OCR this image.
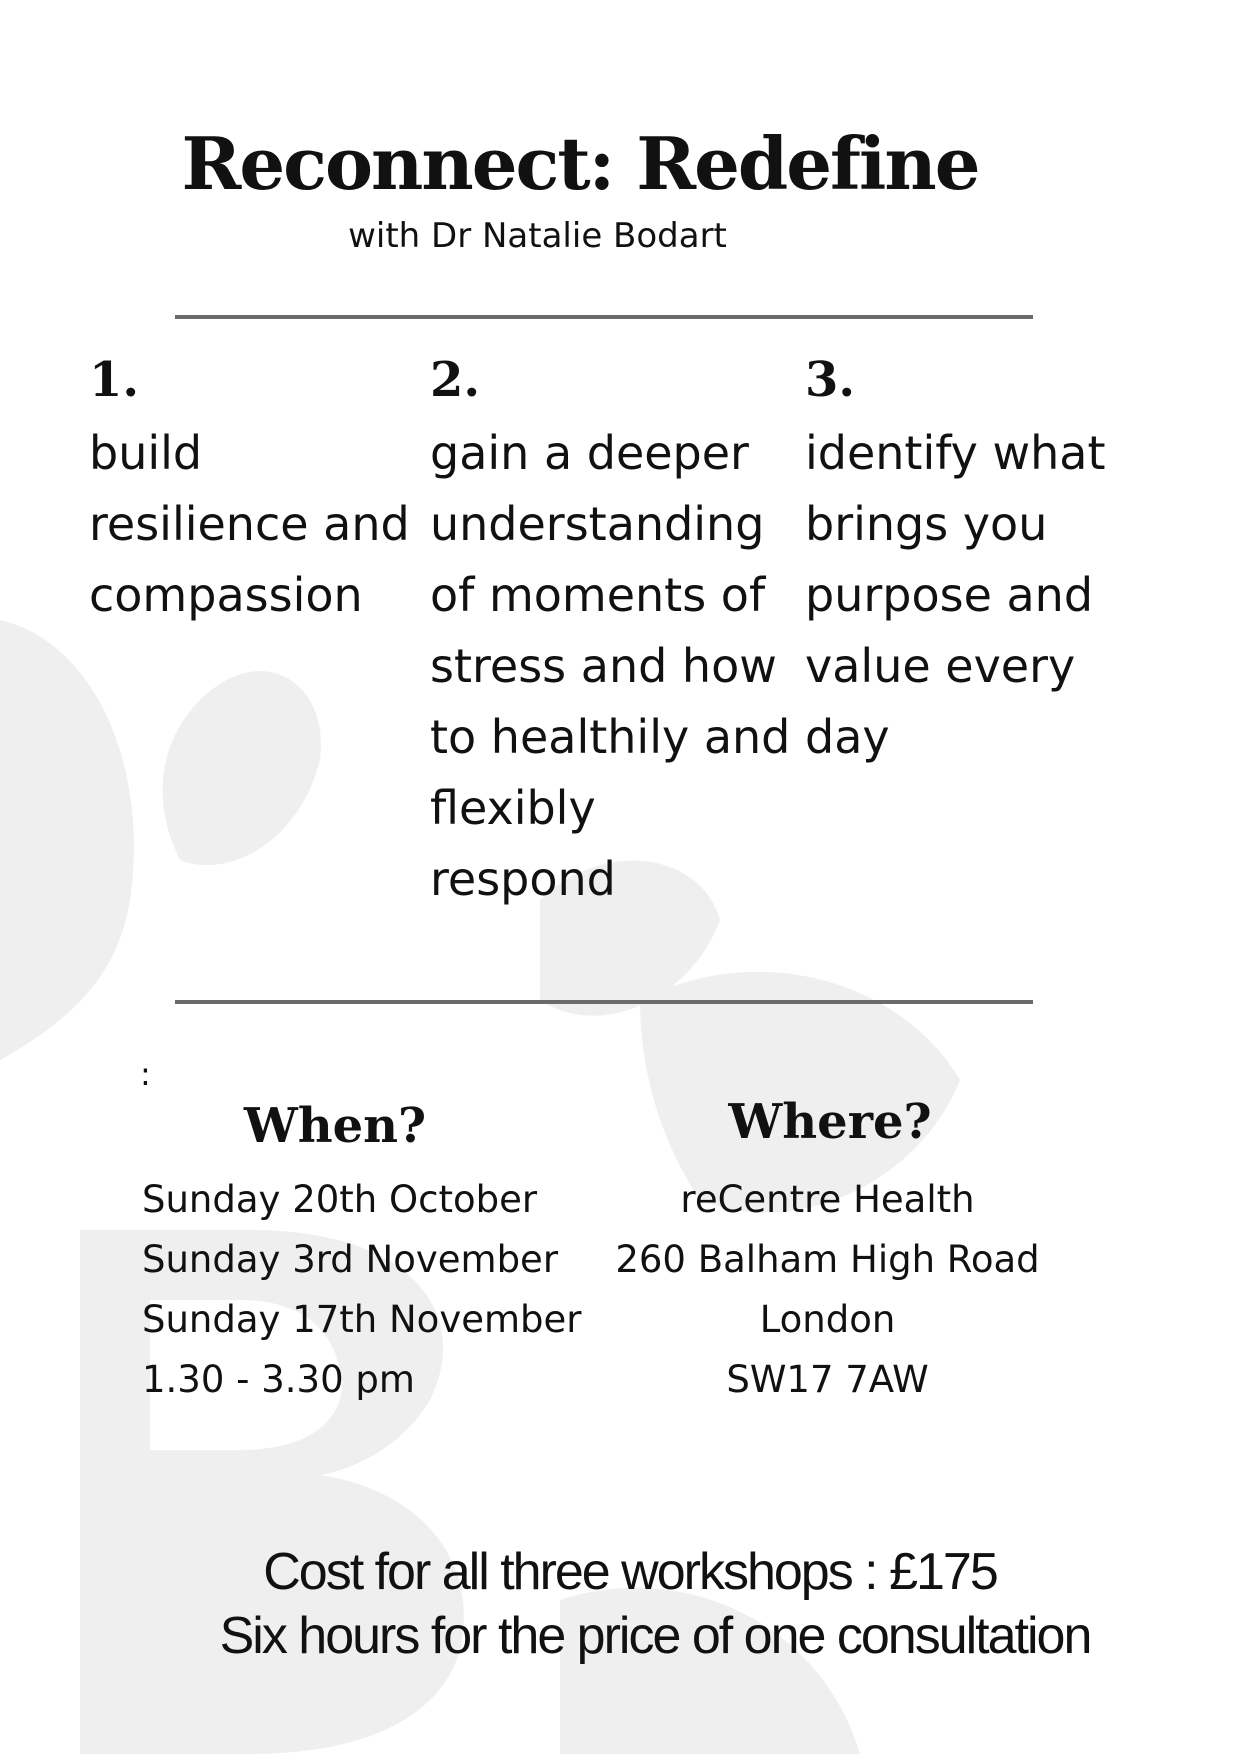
Reconnect: Redefine
with Dr Natalie Bodart
1.
build resilience and compassion
2.
gain a deeper understanding of moments of stress and how to healthily and flexibly respond
3.
identify what brings you purpose and value every day
:
When?
Sunday 20th October
Sunday 3rd November
Sunday 17th November
1.30 - 3.30 pm
Where?
reCentre Health
260 Balham High Road
London
SW17 7AW
Cost for all three workshops : £175
Six hours for the price of one consultation
